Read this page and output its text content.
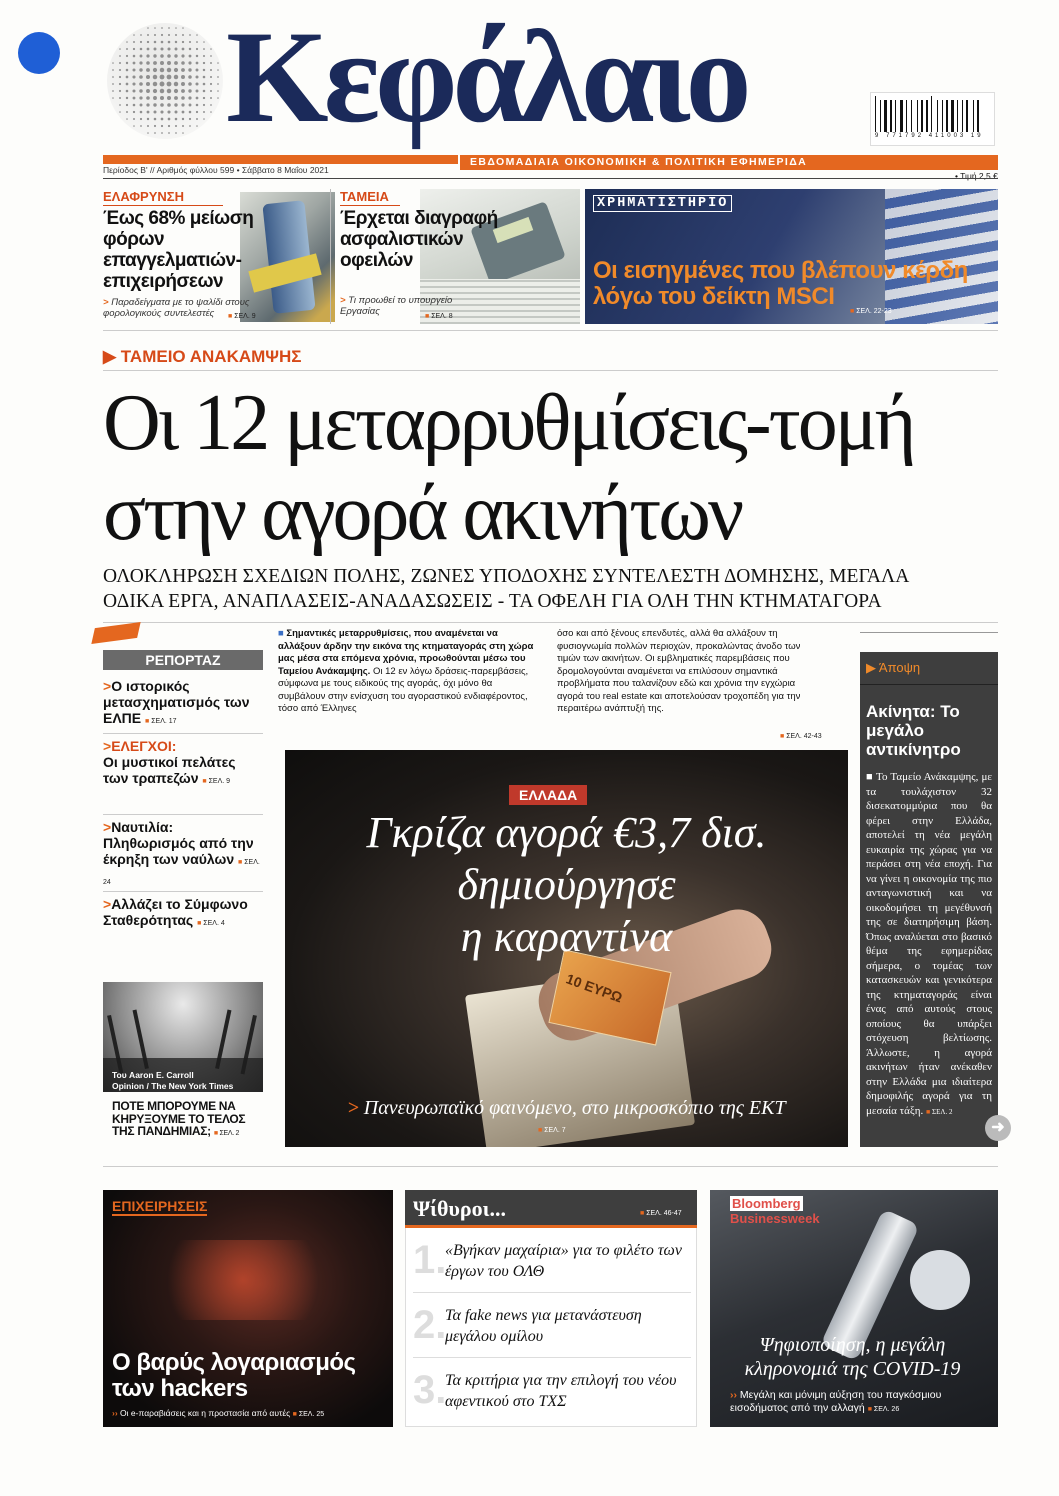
Κεφάλαιο	9 771792 411003 19
Περίοδος Β' // Αριθμός φύλλου 599 • Σάββατο 8 Μαΐου 2021
ΕΒΔΟΜΑΔΙΑΙΑ ΟΙΚΟΝΟΜΙΚΗ & ΠΟΛΙΤΙΚΗ ΕΦΗΜΕΡΙΔΑ
• Τιμή 2,5 €
ΕΛΑΦΡΥΝΣΗ
Έως 68% μείωση φόρων επαγγελματιών-επιχειρήσεων
> Παραδείγματα με το ψαλίδι στους φορολογικούς συντελεστές	■ ΣΕΛ. 9
ΤΑΜΕΙΑ
Έρχεται διαγραφή ασφαλιστικών οφειλών
> Τι προωθεί το υπουργείο Εργασίας	■ ΣΕΛ. 8
ΧΡΗΜΑΤΙΣΤΗΡΙΟ
Οι εισηγμένες που βλέπουν κέρδη λόγω του δείκτη MSCI
■ ΣΕΛ. 22-23
▶ ΤΑΜΕΙΟ ΑΝΑΚΑΜΨΗΣ
Οι 12 μεταρρυθμίσεις-τομή
στην αγορά ακινήτων
ΟΛΟΚΛΗΡΩΣΗ ΣΧΕΔΙΩΝ ΠΟΛΗΣ, ΖΩΝΕΣ ΥΠΟΔΟΧΗΣ ΣΥΝΤΕΛΕΣΤΗ ΔΟΜΗΣΗΣ, ΜΕΓΑΛΑ
ΟΔΙΚΑ ΕΡΓΑ, ΑΝΑΠΛΑΣΕΙΣ-ΑΝΑΔΑΣΩΣΕΙΣ - ΤΑ ΟΦΕΛΗ ΓΙΑ ΟΛΗ ΤΗΝ ΚΤΗΜΑΤΑΓΟΡΑ
■ Σημαντικές μεταρρυθμίσεις, που αναμένεται να αλλάξουν άρδην την εικόνα της κτηματαγοράς στη χώρα μας μέσα στα επόμενα χρόνια, προωθούνται μέσω του Ταμείου Ανάκαμψης. Οι 12 εν λόγω δράσεις-παρεμβάσεις, σύμφωνα με τους ειδικούς της αγοράς, όχι μόνο θα συμβάλουν στην ενίσχυση του αγοραστικού ενδιαφέροντος, τόσο από Έλληνες
όσο και από ξένους επενδυτές, αλλά θα αλλάξουν τη φυσιογνωμία πολλών περιοχών, προκαλώντας άνοδο των τιμών των ακινήτων. Οι εμβληματικές παρεμβάσεις που δρομολογούνται αναμένεται να επιλύσουν σημαντικά προβλήματα που ταλανίζουν εδώ και χρόνια την εγχώρια αγορά του real estate και αποτελούσαν τροχοπέδη για την περαιτέρω ανάπτυξή της.
■ ΣΕΛ. 42-43
ΡΕΠΟΡΤΑΖ
>Ο ιστορικός μετασχηματισμός των ΕΛΠΕ ■ ΣΕΛ. 17
>ΕΛΕΓΧΟΙ:
Οι μυστικοί πελάτες των τραπεζών ■ ΣΕΛ. 9
>Ναυτιλία:
Πληθωρισμός από την έκρηξη των ναύλων ■ ΣΕΛ. 24
>Αλλάζει το Σύμφωνο Σταθερότητας ■ ΣΕΛ. 4
Του Aaron E. Carroll
Opinion / The New York Times
ΠΟΤΕ ΜΠΟΡΟΥΜΕ ΝΑ ΚΗΡΥΞΟΥΜΕ ΤΟ ΤΕΛΟΣ ΤΗΣ ΠΑΝΔΗΜΙΑΣ; ■ ΣΕΛ. 2
10 EYPΩ
ΕΛΛΑΔΑ
Γκρίζα αγορά €3,7 δισ.
δημιούργησε
η καραντίνα
> Πανευρωπαϊκό φαινόμενο, στο μικροσκόπιο της ΕΚΤ
■ ΣΕΛ. 7
▶ Άποψη
Ακίνητα: Το μεγάλο αντικίνητρο
■ Το Ταμείο Ανάκαμψης, με τα τουλάχιστον 32 δισεκατομμύρια που θα φέρει στην Ελλάδα, αποτελεί τη νέα μεγάλη ευκαιρία της χώρας για να περάσει στη νέα εποχή. Για να γίνει η οικονομία της πιο ανταγωνιστική και να οικοδομήσει τη μεγέθυνσή της σε διατηρήσιμη βάση. Όπως αναλύεται στο βασικό θέμα της εφημερίδας σήμερα, ο τομέας των κατασκευών και γενικότερα της κτηματαγοράς είναι ένας από αυτούς στους οποίους θα υπάρξει στόχευση βελτίωσης. Άλλωστε, η αγορά ακινήτων ήταν ανέκαθεν στην Ελλάδα μια ιδιαίτερα δημοφιλής αγορά για τη μεσαία τάξη. ■ ΣΕΛ. 2
➜
ΕΠΙΧΕΙΡΗΣΕΙΣ
Ο βαρύς λογαριασμός των hackers
›› Οι e-παραβιάσεις και η προστασία από αυτές ■ ΣΕΛ. 25
Ψίθυροι...	■ ΣΕΛ. 46-47
1.
«Βγήκαν μαχαίρια» για το φιλέτο των έργων του ΟΛΘ
2.
Τα fake news για μετανάστευση μεγάλου ομίλου
3.
Τα κριτήρια για την επιλογή του νέου αφεντικού στο ΤΧΣ
Bloomberg
Businessweek
Ψηφιοποίηση, η μεγάλη κληρονομιά της COVID-19
›› Μεγάλη και μόνιμη αύξηση του παγκόσμιου εισοδήματος από την αλλαγή ■ ΣΕΛ. 26
